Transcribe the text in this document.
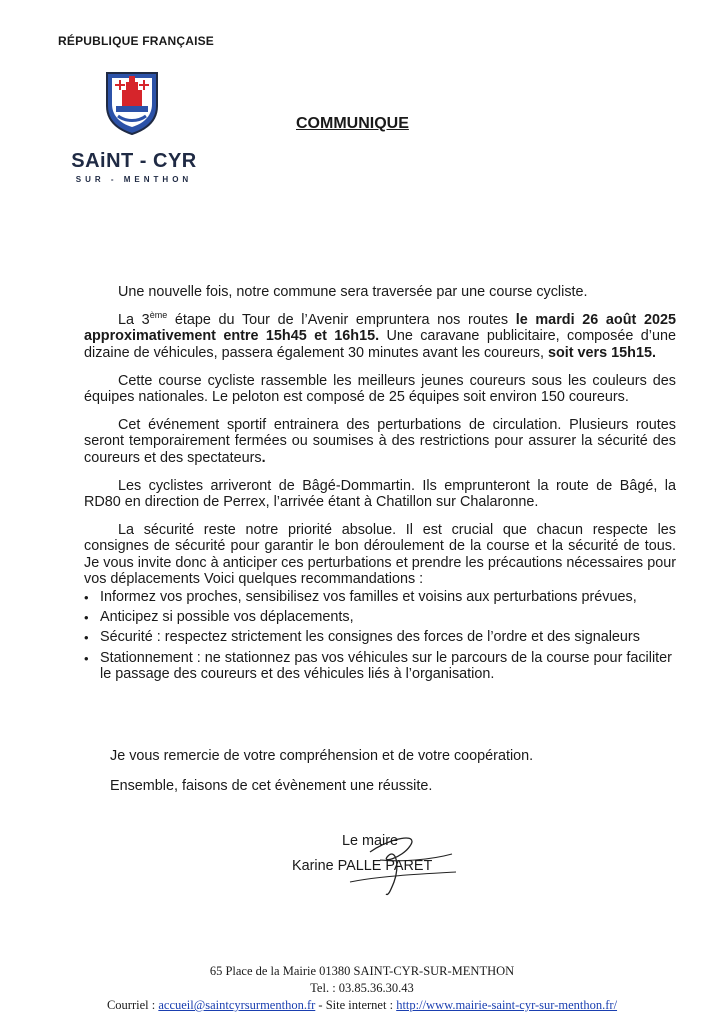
RÉPUBLIQUE FRANÇAISE
SAiNT - CYR
SUR - MENTHON
COMMUNIQUE

Une nouvelle fois, notre commune sera traversée par une course cycliste.

La 3ème étape du Tour de l’Avenir empruntera nos routes le mardi 26 août 2025 approximativement entre 15h45 et 16h15. Une caravane publicitaire, composée d’une dizaine de véhicules, passera également 30 minutes avant les coureurs, soit vers 15h15.

Cette course cycliste rassemble les meilleurs jeunes coureurs sous les couleurs des équipes nationales. Le peloton est composé de 25 équipes soit environ 150 coureurs.

Cet événement sportif entrainera des perturbations de circulation. Plusieurs routes seront temporairement fermées ou soumises à des restrictions pour assurer la sécurité des coureurs et des spectateurs.

Les cyclistes arriveront de Bâgé-Dommartin. Ils emprunteront la route de Bâgé, la RD80 en direction de Perrex, l’arrivée étant à Chatillon sur Chalaronne.

La sécurité reste notre priorité absolue. Il est crucial que chacun respecte les consignes de sécurité pour garantir le bon déroulement de la course et la sécurité de tous. Je vous invite donc à anticiper ces perturbations et prendre les précautions nécessaires pour vos déplacements Voici quelques recommandations :

• Informez vos proches, sensibilisez vos familles et voisins aux perturbations prévues,
• Anticipez si possible vos déplacements,
• Sécurité : respectez strictement les consignes des forces de l’ordre et des signaleurs
• Stationnement : ne stationnez pas vos véhicules sur le parcours de la course pour faciliter le passage des coureurs et des véhicules liés à l’organisation.
Je vous remercie de votre compréhension et de votre coopération.
Ensemble, faisons de cet évènement une réussite.
Le maire
Karine PALLE PARET
65 Place de la Mairie 01380 SAINT-CYR-SUR-MENTHON
Tel. : 03.85.36.30.43
Courriel : accueil@saintcyrsurmenthon.fr - Site internet : http://www.mairie-saint-cyr-sur-menthon.fr/
